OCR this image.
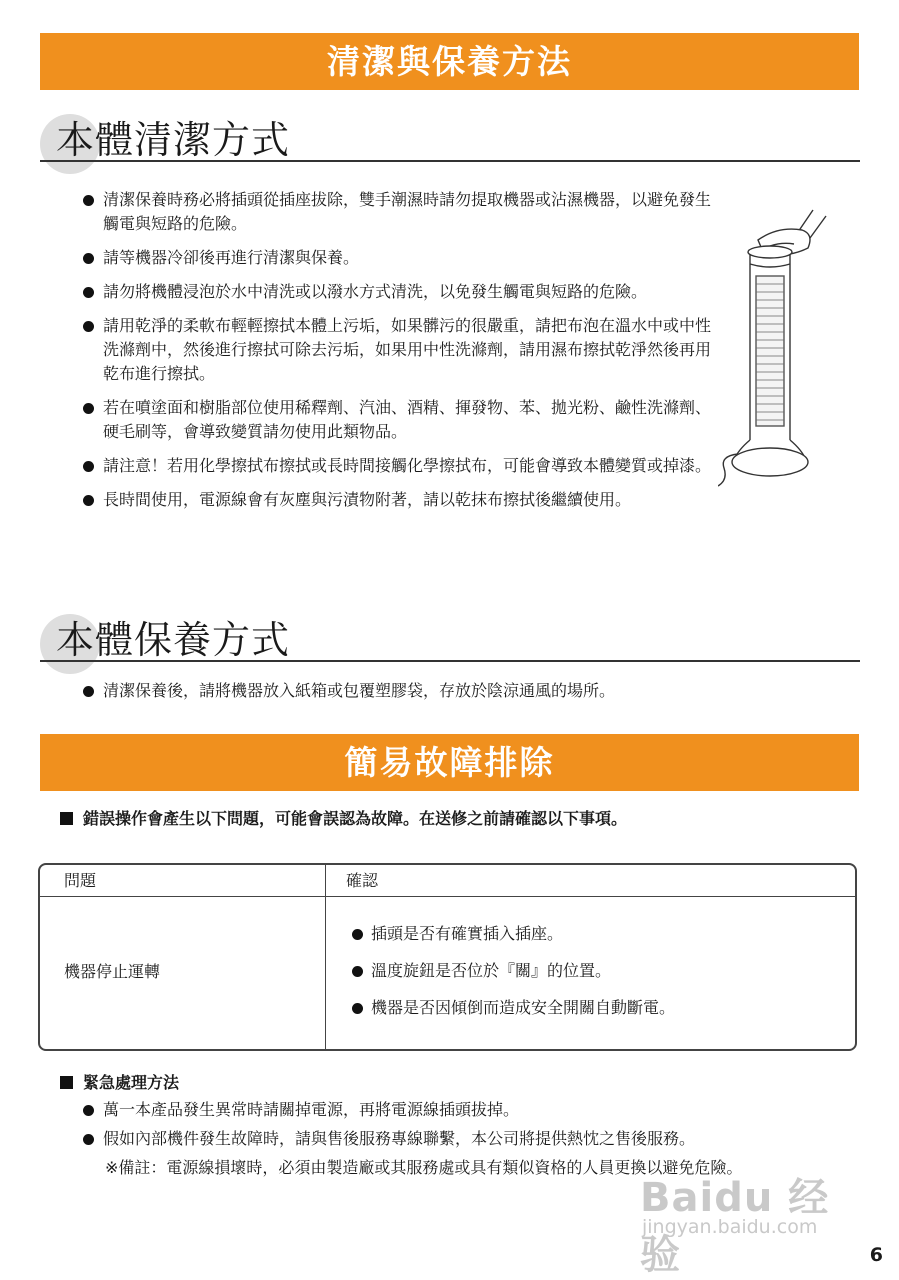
清潔與保養方法
本體清潔方式
清潔保養時務必將插頭從插座拔除，雙手潮濕時請勿提取機器或沾濕機器，以避免發生觸電與短路的危險。
請等機器冷卻後再進行清潔與保養。
請勿將機體浸泡於水中清洗或以潑水方式清洗，以免發生觸電與短路的危險。
請用乾淨的柔軟布輕輕擦拭本體上污垢，如果髒污的很嚴重，請把布泡在溫水中或中性洗滌劑中，然後進行擦拭可除去污垢，如果用中性洗滌劑，請用濕布擦拭乾淨然後再用乾布進行擦拭。
若在噴塗面和樹脂部位使用稀釋劑、汽油、酒精、揮發物、苯、拋光粉、鹼性洗滌劑、硬毛刷等，會導致變質請勿使用此類物品。
請注意！若用化學擦拭布擦拭或長時間接觸化學擦拭布，可能會導致本體變質或掉漆。
長時間使用，電源線會有灰塵與污漬物附著，請以乾抹布擦拭後繼續使用。
本體保養方式
清潔保養後，請將機器放入紙箱或包覆塑膠袋，存放於陰涼通風的場所。
簡易故障排除
錯誤操作會產生以下問題，可能會誤認為故障。在送修之前請確認以下事項。
問題	確認
機器停止運轉
插頭是否有確實插入插座。
溫度旋鈕是否位於『關』的位置。
機器是否因傾倒而造成安全開關自動斷電。
緊急處理方法
萬一本產品發生異常時請關掉電源，再將電源線插頭拔掉。
假如內部機件發生故障時，請與售後服務專線聯繫，本公司將提供熱忱之售後服務。
※備註：電源線損壞時，必須由製造廠或其服務處或具有類似資格的人員更換以避免危險。
Baidu 经验
jingyan.baidu.com
6
